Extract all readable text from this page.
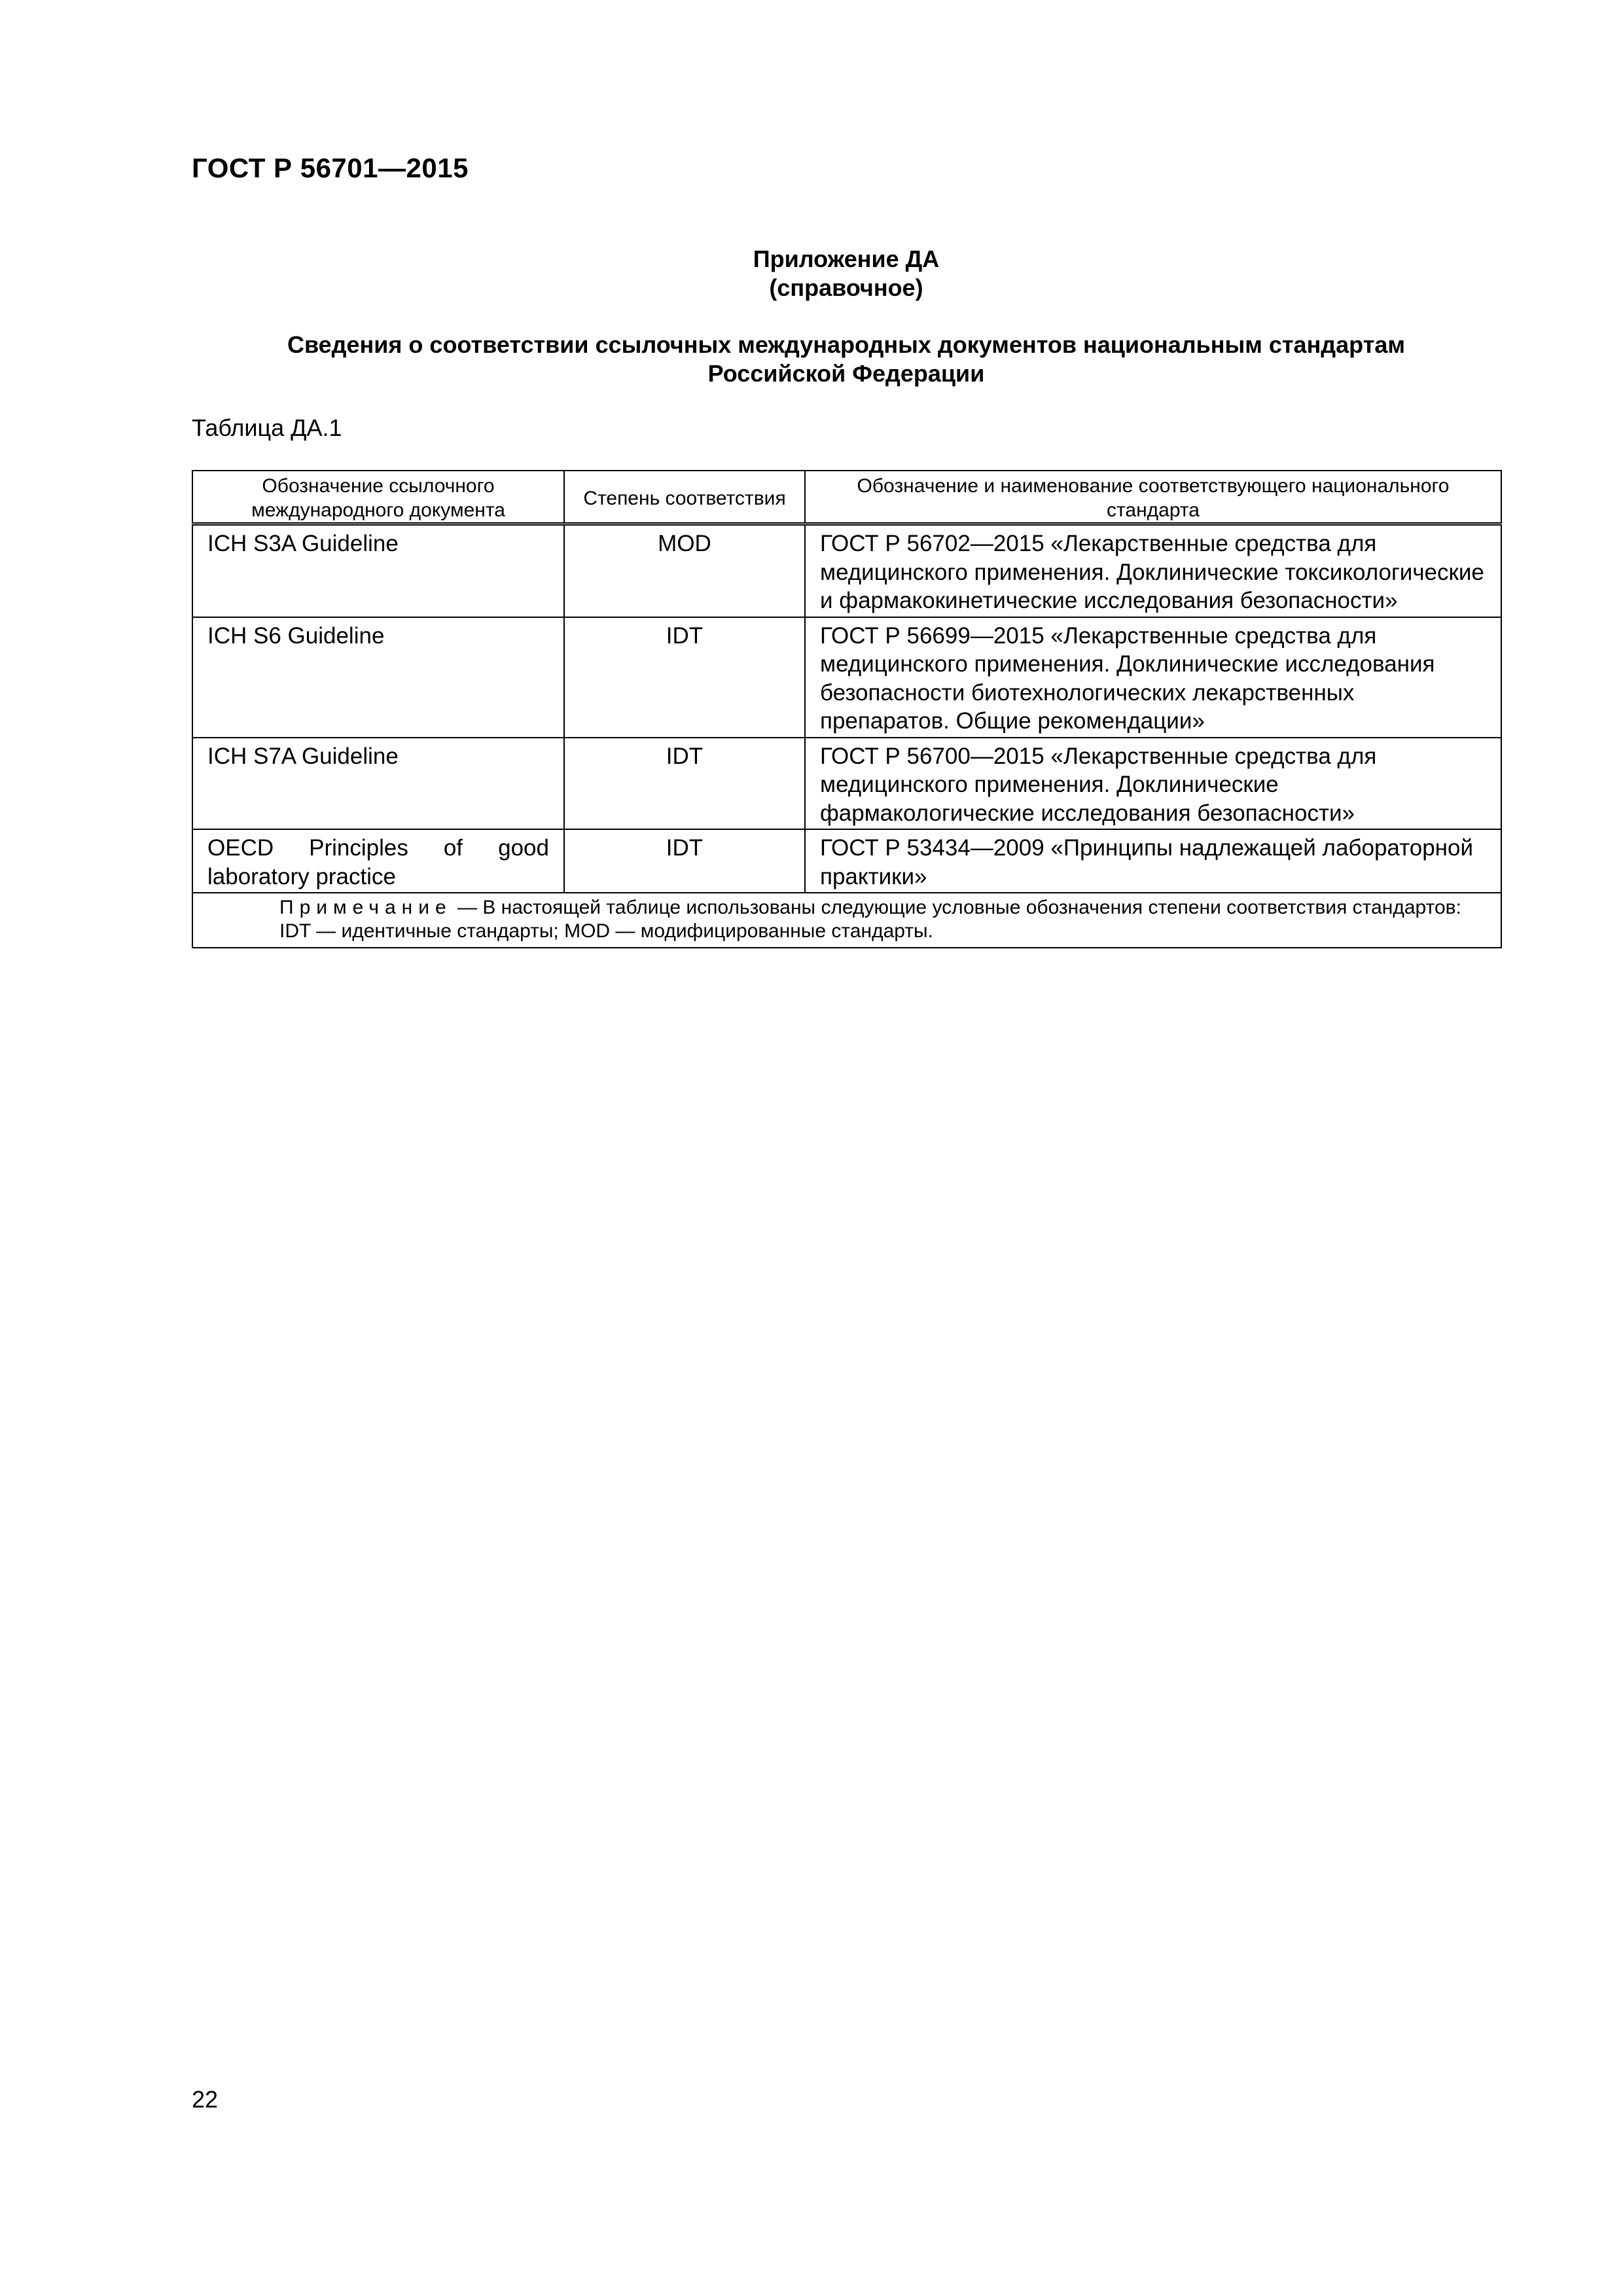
ГОСТ Р 56701—2015
Приложение ДА
(справочное)
Сведения о соответствии ссылочных международных документов национальным стандартам
Российской Федерации
Таблица ДА.1
Обозначение ссылочного международного документа	Степень соответствия	Обозначение и наименование соответствующего национального стандарта
ICH S3A Guideline	MOD	ГОСТ Р 56702—2015 «Лекарственные средства для медицинского применения. Доклинические токсикологические и фармакокинетические исследования безопасности»
ICH S6 Guideline	IDT	ГОСТ Р 56699—2015 «Лекарственные средства для медицинского применения. Доклинические исследования безопасности биотехнологических лекарственных препаратов. Общие рекомендации»
ICH S7A Guideline	IDT	ГОСТ Р 56700—2015 «Лекарственные средства для медицинского применения. Доклинические фармакологические исследования безопасности»
OECD Principles of good laboratory practice	IDT	ГОСТ Р 53434—2009 «Принципы надлежащей лабораторной практики»
Примечание — В настоящей таблице использованы следующие условные обозначения степени соответствия стандартов:
IDT — идентичные стандарты; MOD — модифицированные стандарты.		
22
